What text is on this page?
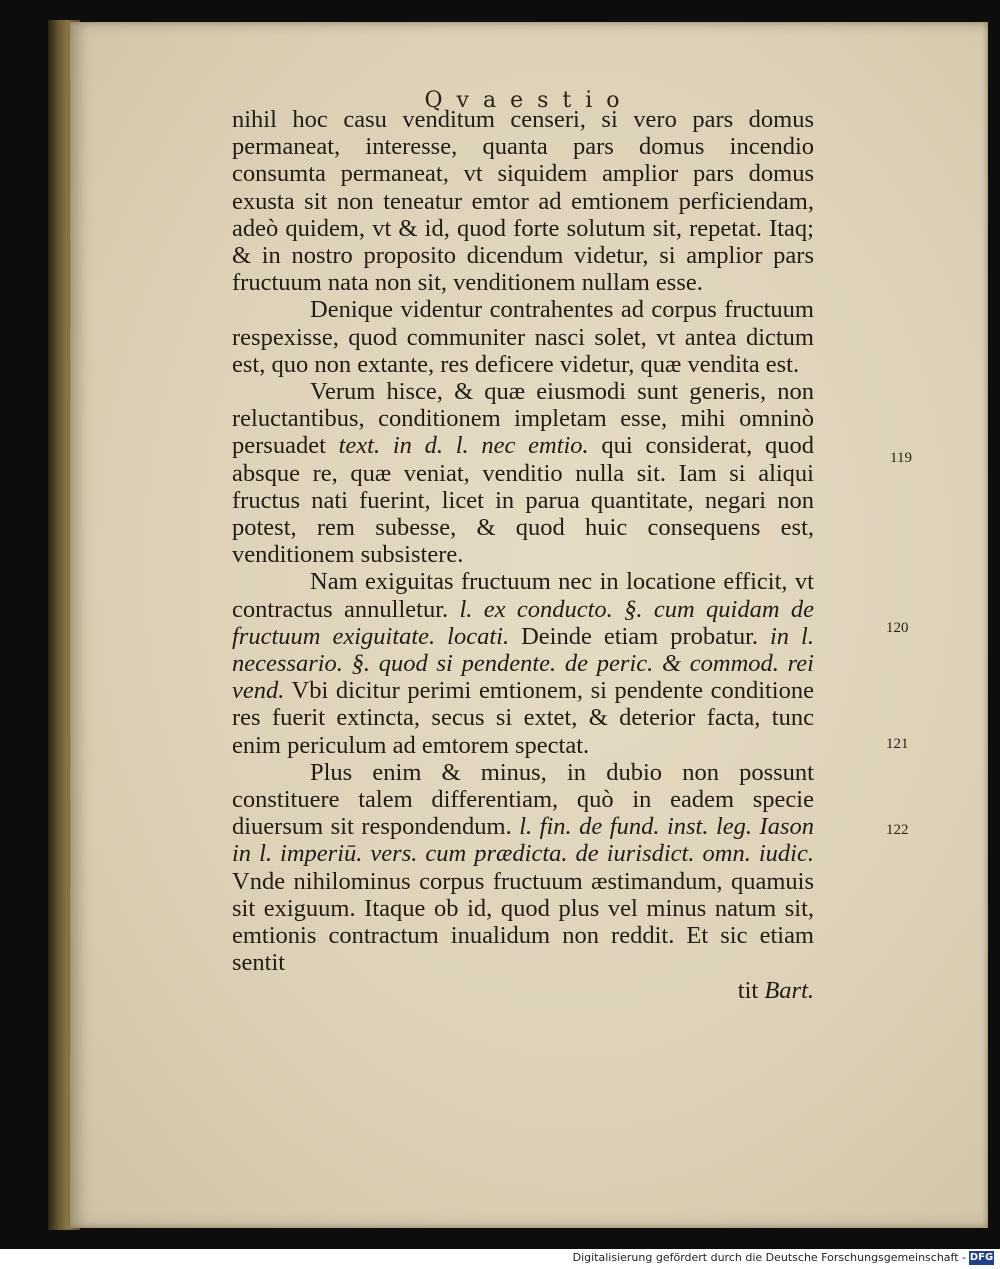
Qvaestio

nihil hoc casu venditum censeri, si vero pars domus permaneat, interesse, quanta pars domus incendio consumta permaneat, vt siquidem amplior pars domus exusta sit non teneatur emtor ad emtionem perficiendam, adeò quidem, vt & id, quod forte solutum sit, repetat. Itaq; & in nostro proposito dicendum videtur, si amplior pars fructuum nata non sit, venditionem nullam esse.

Denique videntur contrahentes ad corpus fructuum respexisse, quod communiter nasci solet, vt antea dictum est, quo non extante, res deficere videtur, quæ vendita est.

Verum hisce, & quæ eiusmodi sunt generis, non reluctantibus, conditionem impletam esse, mihi omninò persuadet text. in d. l. nec emtio. qui considerat, quod absque re, quæ veniat, venditio nulla sit. Iam si aliqui fructus nati fuerint, licet in parua quantitate, negari non potest, rem subesse, & quod huic consequens est, venditionem subsistere.

Nam exiguitas fructuum nec in locatione efficit, vt contractus annulletur. l. ex conducto. §. cum quidam de fructuum exiguitate. locati. Deinde etiam probatur. in l. necessario. §. quod si pendente. de peric. & commod. rei vend. Vbi dicitur perimi emtionem, si pendente conditione res fuerit extincta, secus si extet, & deterior facta, tunc enim periculum ad emtorem spectat.

Plus enim & minus, in dubio non possunt constituere talem differentiam, quò in eadem specie diuersum sit respondendum. l. fin. de fund. inst. leg. Iason in l. imperiū. vers. cum prædicta. de iurisdict. omn. iudic. Vnde nihilominus corpus fructuum æstimandum, quamuis sit exiguum. Itaque ob id, quod plus vel minus natum sit, emtionis contractum inualidum non reddit. Et sic etiam sentit

tit Bart.

119
120
121
122
Digitalisierung gefördert durch die Deutsche Forschungsgemeinschaft - DFG
